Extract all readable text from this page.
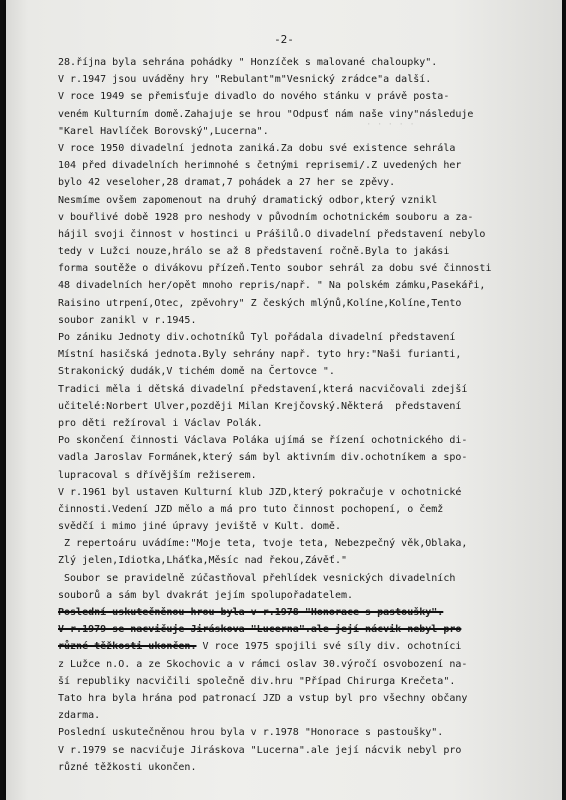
· · · · ·
-2-
28.října byla sehrána pohádky " Honzíček s malované chaloupky".
V r.1947 jsou uváděny hry "Rebulant"m"Vesnický zrádce"a další.
V roce 1949 se přemisťuje divadlo do nového stánku v právě posta-
veném Kulturním domě.Zahajuje se hrou "Odpusť nám naše viny"následuje
"Karel Havlíček Borovský",Lucerna".
V roce 1950 divadelní jednota zaniká.Za dobu své existence sehrála
104 před divadelních herimnohé s četnými reprisemi/.Z uvedených her
bylo 42 veseloher,28 dramat,7 pohádek a 27 her se zpěvy.
Nesmíme ovšem zapomenout na druhý dramatický odbor,který vznikl
v bouřlivé době 1928 pro neshody v původním ochotnickém souboru a za-
hájil svoji činnost v hostinci u Prášilů.O divadelní představení nebylo
tedy v Lužci nouze,hrálo se až 8 představení ročně.Byla to jakási
forma soutěže o divákovu přízeň.Tento soubor sehrál za dobu své činnosti
48 divadelních her/opět mnoho repris/např. " Na polském zámku,Pasekáři,
Raisino utrpení,Otec, zpěvohry" Z českých mlýnů,Kolíne,Kolíne,Tento
soubor zanikl v r.1945.
Po zániku Jednoty div.ochotníků Tyl pořádala divadelní představení
Místní hasičská jednota.Byly sehrány např. tyto hry:"Naši furianti,
Strakonický dudák,V tichém domě na Čertovce ".
Tradici měla i dětská divadelní představení,která nacvičovali zdejší
učitelé:Norbert Ulver,později Milan Krejčovský.Některá  představení
pro děti režíroval i Václav Polák.
Po skončení činnosti Václava Poláka ujímá se řízení ochotnického di-
vadla Jaroslav Formánek,který sám byl aktivním div.ochotníkem a spo-
lupracoval s dřívějším režiserem.
V r.1961 byl ustaven Kulturní klub JZD,který pokračuje v ochotnické
činnosti.Vedení JZD mělo a má pro tuto činnost pochopení, o čemž
svědčí i mimo jiné úpravy jeviště v Kult. domě.
Z repertoáru uvádíme:"Moje teta, tvoje teta, Nebezpečný věk,Oblaka,
Zlý jelen,Idiotka,Lháťka,Měsíc nad řekou,Závěť."
Soubor se pravidelně zúčastňoval přehlídek vesnických divadelních
souborů a sám byl dvakrát jejím spolupořadatelem.
Poslední uskutečněnou hrou byla v r.1978 "Honorace s pastoušky".
V r.1979 se nacvičuje Jiráskova "Lucerna".ale její nácvik nebyl pro
různé těžkosti ukončen. V roce 1975 spojili své síly div. ochotníci
z Lužce n.O. a ze Skochovic a v rámci oslav 30.výročí osvobození na-
ší republiky nacvičili společně div.hru "Případ Chirurga Krečeta".
Tato hra byla hrána pod patronací JZD a vstup byl pro všechny občany
zdarma.
Poslední uskutečněnou hrou byla v r.1978 "Honorace s pastoušky".
V r.1979 se nacvičuje Jiráskova "Lucerna".ale její nácvik nebyl pro
různé těžkosti ukončen.
